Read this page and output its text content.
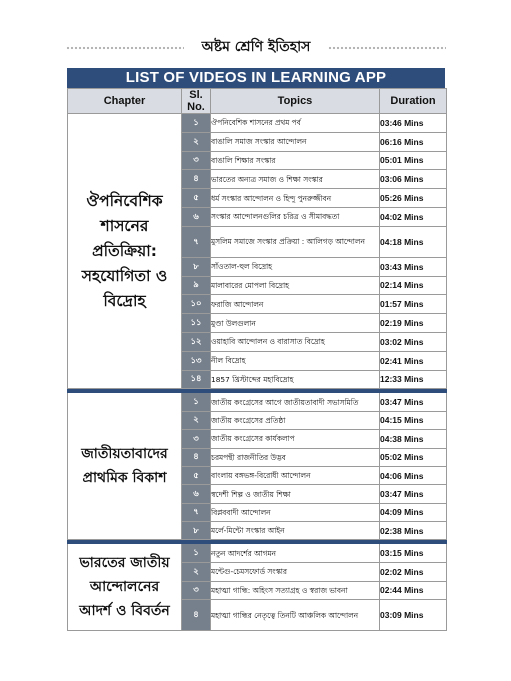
অষ্টম শ্রেণি ইতিহাস
LIST OF VIDEOS IN LEARNING APP
Chapter	Sl. No.	Topics	Duration

ঔপনিবেশিক শাসনের প্রতিক্রিয়া: সহযোগিতা ও বিদ্রোহ	১	ঔপনিবেশিক শাসনের প্রথম পর্ব	03:46 Mins
	২	বাঙালি সমাজ সংস্কার আন্দোলন	06:16 Mins
	৩	বাঙালি শিক্ষার সংস্কার	05:01 Mins
	৪	ভারতের অন্যত্র সমাজ ও শিক্ষা সংস্কার	03:06 Mins
	৫	ধর্ম সংস্কার আন্দোলন ও হিন্দু পুনরুজ্জীবন	05:26 Mins
	৬	সংস্কার আন্দোলনগুলির চরিত্র ও সীমাবদ্ধতা	04:02 Mins
	৭	মুসলিম সমাজে সংস্কার প্রক্রিয়া : আলিগড় আন্দোলন	04:18 Mins
	৮	সাঁওতাল-হুল বিদ্রোহ	03:43 Mins
	৯	মালাবারের মোপলা বিদ্রোহ	02:14 Mins
	১০	ফরাজি আন্দোলন	01:57 Mins
	১১	মুণ্ডা উলগুলান	02:19 Mins
	১২	ওয়াহাবি আন্দোলন ও বারাসাত বিদ্রোহ	03:02 Mins
	১৩	নীল বিদ্রোহ	02:41 Mins
	১৪	1857 খ্রিস্টাব্দের মহাবিদ্রোহ	12:33 Mins

জাতীয়তাবাদের প্রাথমিক বিকাশ	১	জাতীয় কংগ্রেসের আগে জাতীয়তাবাদী সভাসমিতি	03:47 Mins
	২	জাতীয় কংগ্রেসের প্রতিষ্ঠা	04:15 Mins
	৩	জাতীয় কংগ্রেসের কার্যকলাপ	04:38 Mins
	৪	চরমপন্থী রাজনীতির উদ্ভব	05:02 Mins
	৫	বাংলায় বঙ্গভঙ্গ-বিরোধী আন্দোলন	04:06 Mins
	৬	স্বদেশী শিল্প ও জাতীয় শিক্ষা	03:47 Mins
	৭	বিপ্লববাদী আন্দোলন	04:09 Mins
	৮	মর্লে-মিন্টো সংস্কার আইন	02:38 Mins

ভারতের জাতীয় আন্দোলনের আদর্শ ও বিবর্তন	১	নতুন আদর্শের আগমন	03:15 Mins
	২	মন্টেগু-চেমসফোর্ড সংস্কার	02:02 Mins
	৩	মহাত্মা গান্ধি: অহিংস সত্যাগ্রহ ও স্বরাজ ভাবনা	02:44 Mins
	৪	মহাত্মা গান্ধির নেতৃত্বে তিনটি আঞ্চলিক আন্দোলন	03:09 Mins
